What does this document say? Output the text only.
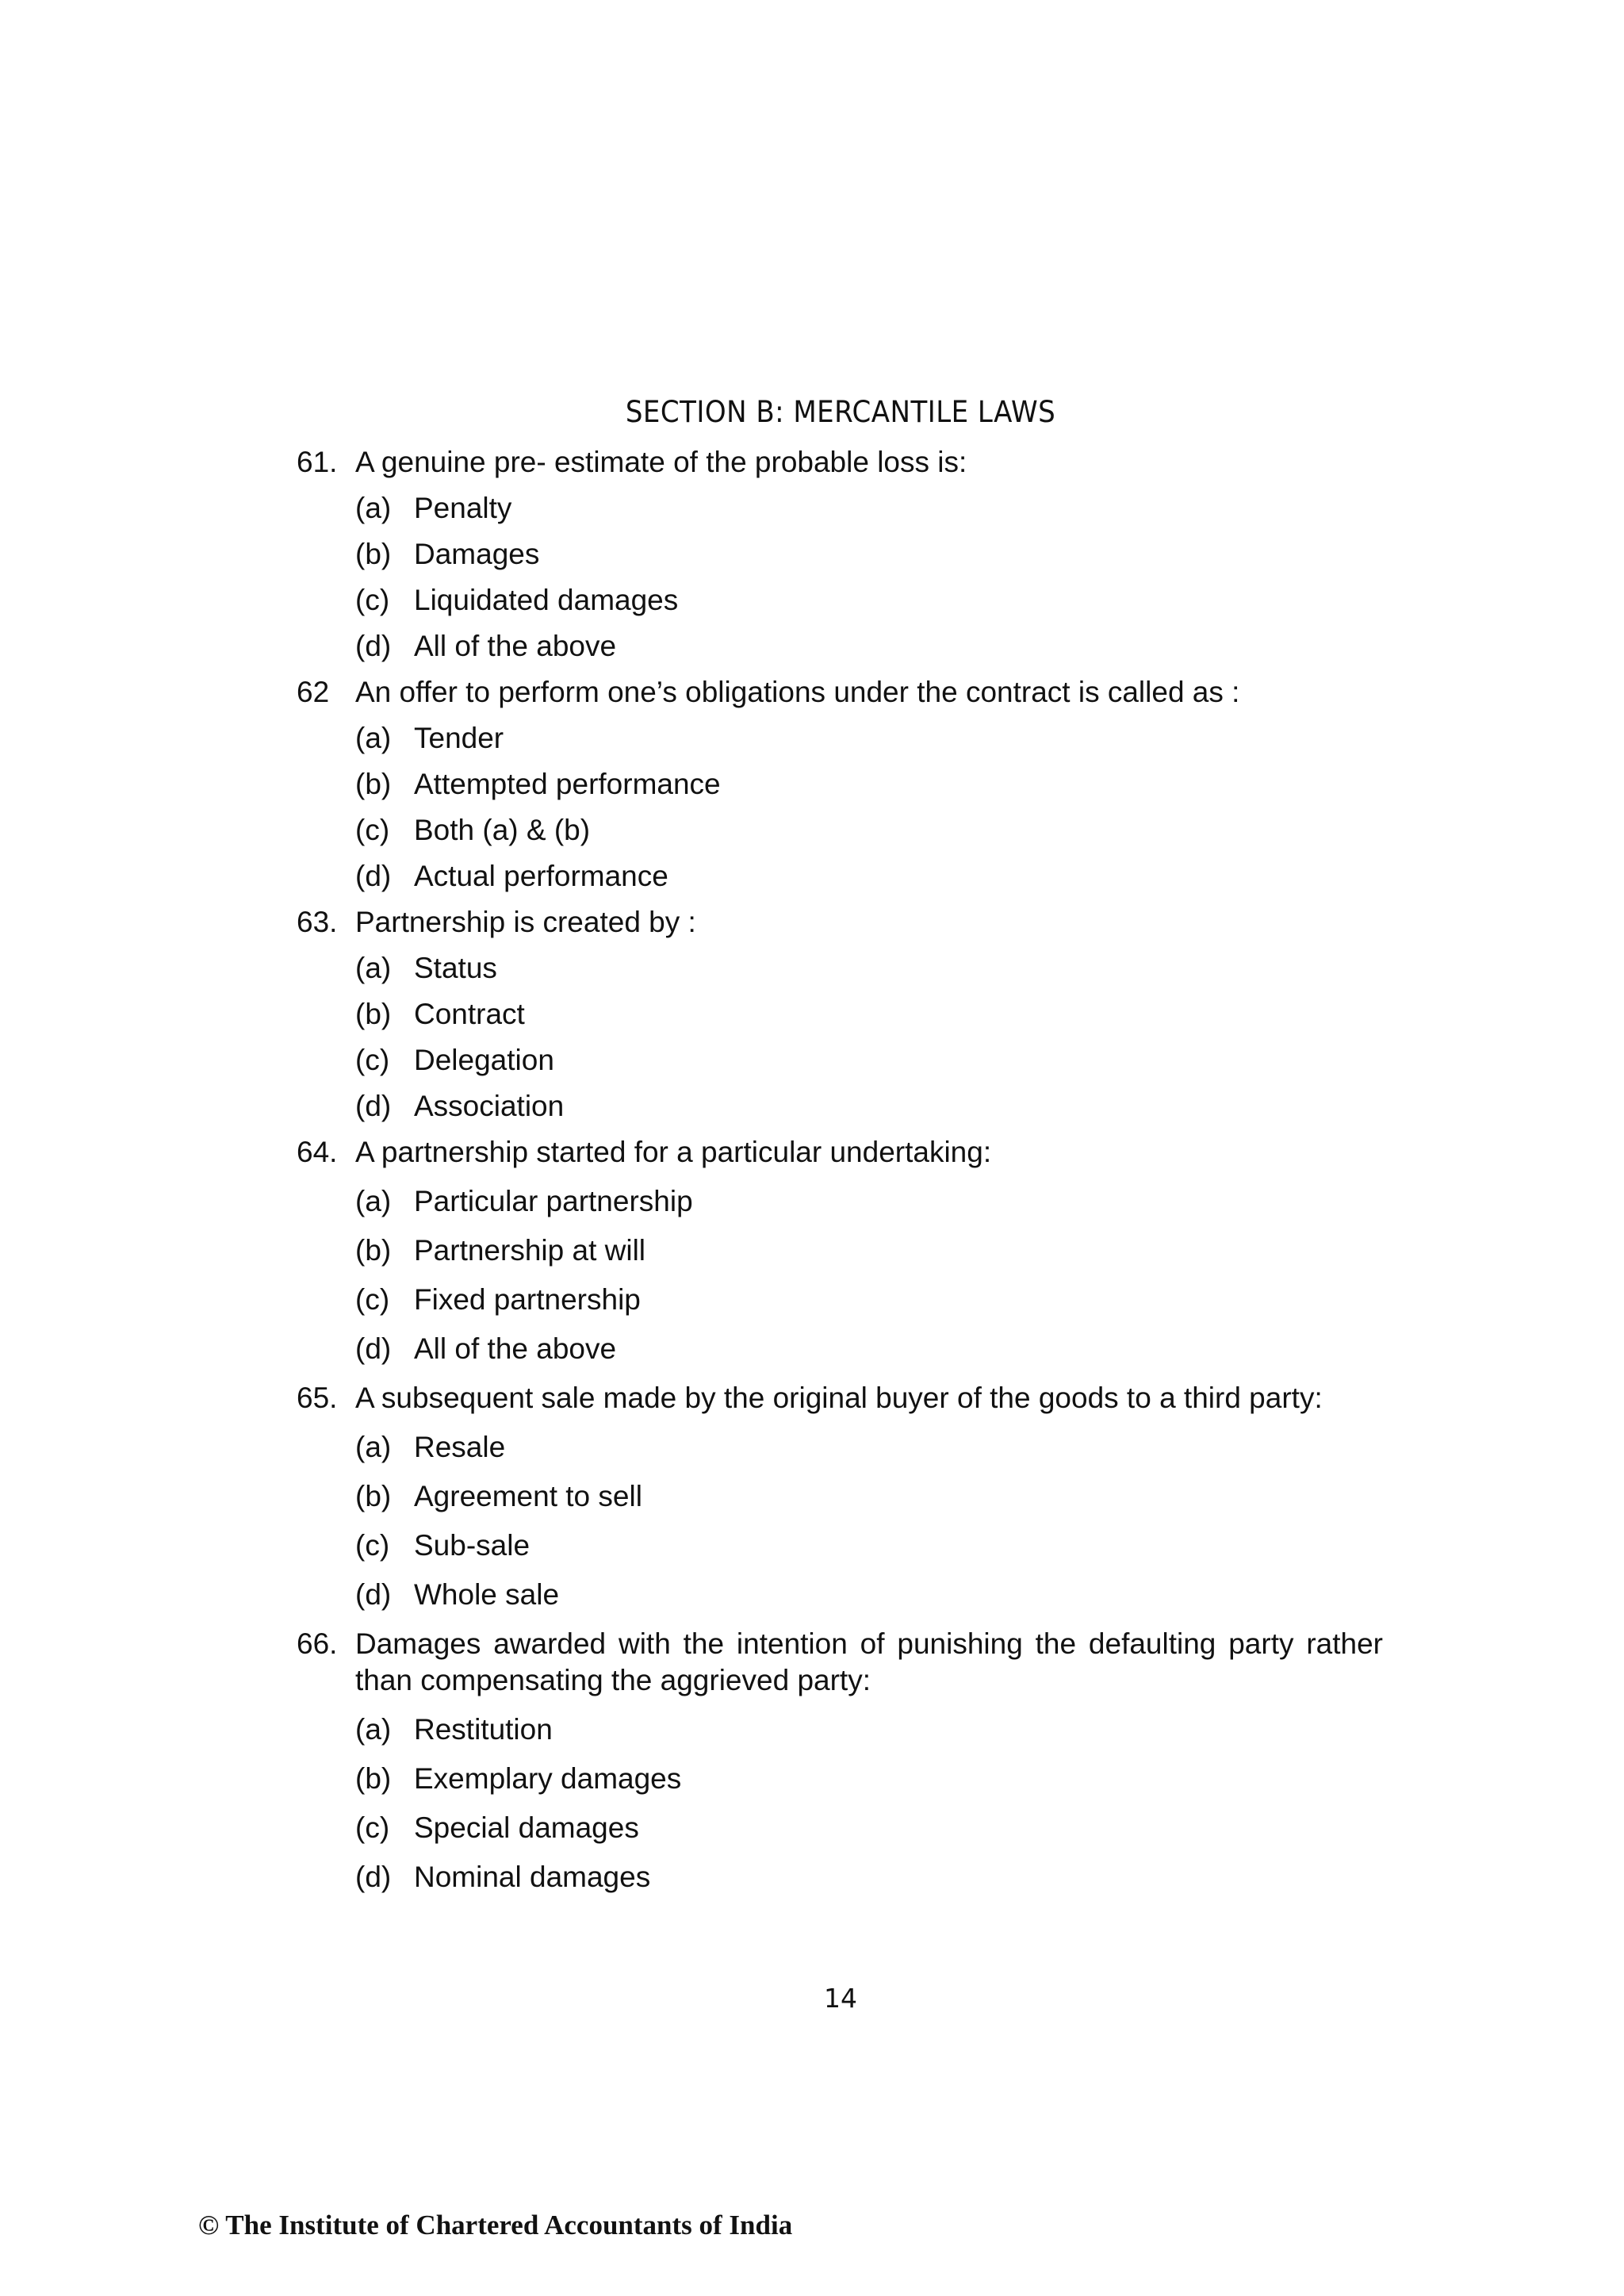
SECTION B: MERCANTILE LAWS
61. A genuine pre- estimate of the probable loss is:
(a) Penalty
(b) Damages
(c) Liquidated damages
(d) All of the above
62 An offer to perform one’s obligations under the contract is called as :
(a) Tender
(b) Attempted performance
(c) Both (a) & (b)
(d) Actual performance
63. Partnership is created by :
(a) Status
(b) Contract
(c) Delegation
(d) Association
64. A partnership started for a particular undertaking:
(a) Particular partnership
(b) Partnership at will
(c) Fixed partnership
(d) All of the above
65. A subsequent sale made by the original buyer of the goods to a third party:
(a) Resale
(b) Agreement to sell
(c) Sub-sale
(d) Whole sale
66. Damages awarded with the intention of punishing the defaulting party rather than compensating the aggrieved party:
(a) Restitution
(b) Exemplary damages
(c) Special damages
(d) Nominal damages
14
© The Institute of Chartered Accountants of India
